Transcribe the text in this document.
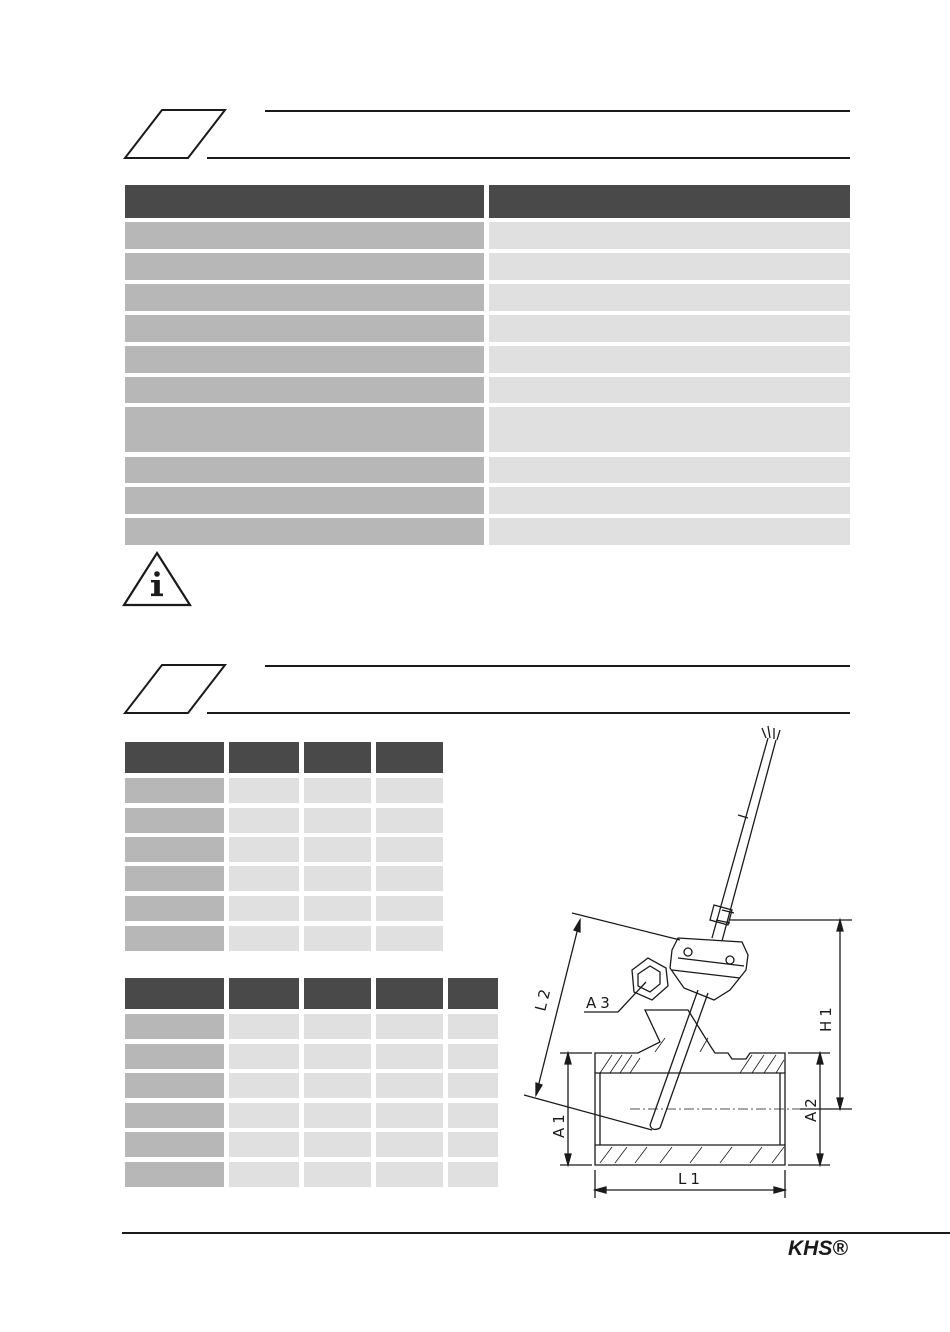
L2 A3
H1
A1
A2
L1
KHS®
